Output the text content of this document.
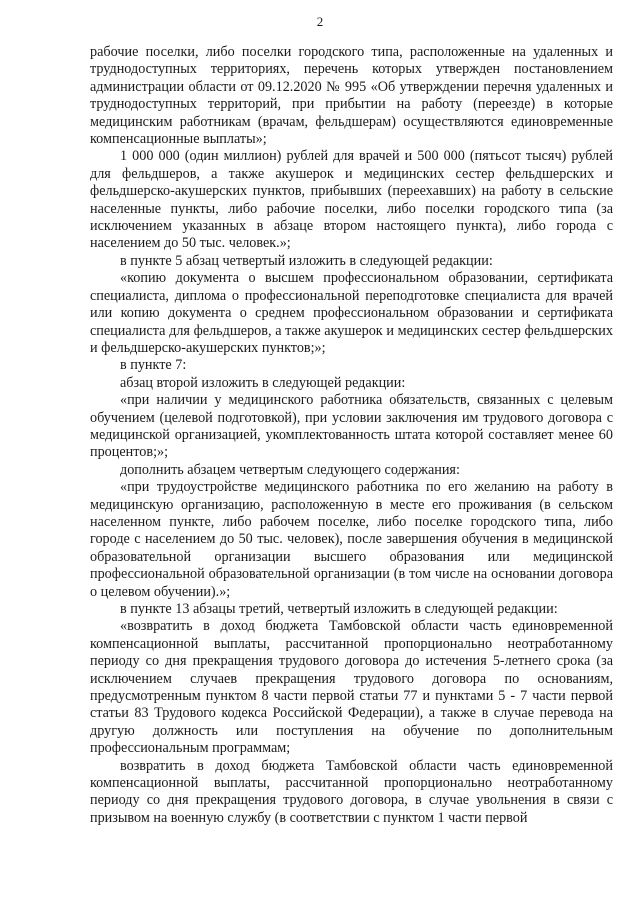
2

рабочие поселки, либо поселки городского типа, расположенные на удаленных и труднодоступных территориях, перечень которых утвержден постановлением администрации области от 09.12.2020 № 995 «Об утверждении перечня удаленных и труднодоступных территорий, при прибытии на работу (переезде) в которые медицинским работникам (врачам, фельдшерам) осуществляются единовременные компенсационные выплаты»;

1 000 000 (один миллион) рублей для врачей и 500 000 (пятьсот тысяч) рублей для фельдшеров, а также акушерок и медицинских сестер фельдшерских и фельдшерско-акушерских пунктов, прибывших (переехавших) на работу в сельские населенные пункты, либо рабочие поселки, либо поселки городского типа (за исключением указанных в абзаце втором настоящего пункта), либо города с населением до 50 тыс. человек.»;

в пункте 5 абзац четвертый изложить в следующей редакции:

«копию документа о высшем профессиональном образовании, сертификата специалиста, диплома о профессиональной переподготовке специалиста для врачей или копию документа о среднем профессиональном образовании и сертификата специалиста для фельдшеров, а также акушерок и медицинских сестер фельдшерских и фельдшерско-акушерских пунктов;»;

в пункте 7:

абзац второй изложить в следующей редакции:

«при наличии у медицинского работника обязательств, связанных с целевым обучением (целевой подготовкой), при условии заключения им трудового договора с медицинской организацией, укомплектованность штата которой составляет менее 60 процентов;»;

дополнить абзацем четвертым следующего содержания:

«при трудоустройстве медицинского работника по его желанию на работу в медицинскую организацию, расположенную в месте его проживания (в сельском населенном пункте, либо рабочем поселке, либо поселке городского типа, либо городе с населением до 50 тыс. человек), после завершения обучения в медицинской образовательной организации высшего образования или медицинской профессиональной образовательной организации (в том числе на основании договора о целевом обучении).»;

в пункте 13 абзацы третий, четвертый изложить в следующей редакции:

«возвратить в доход бюджета Тамбовской области часть единовременной компенсационной выплаты, рассчитанной пропорционально неотработанному периоду со дня прекращения трудового договора до истечения 5-летнего срока (за исключением случаев прекращения трудового договора по основаниям, предусмотренным пунктом 8 части первой статьи 77 и пунктами 5 - 7 части первой статьи 83 Трудового кодекса Российской Федерации), а также в случае перевода на другую должность или поступления на обучение по дополнительным профессиональным программам;

возвратить в доход бюджета Тамбовской области часть единовременной компенсационной выплаты, рассчитанной пропорционально неотработанному периоду со дня прекращения трудового договора, в случае увольнения в связи с призывом на военную службу (в соответствии с пунктом 1 части первой
